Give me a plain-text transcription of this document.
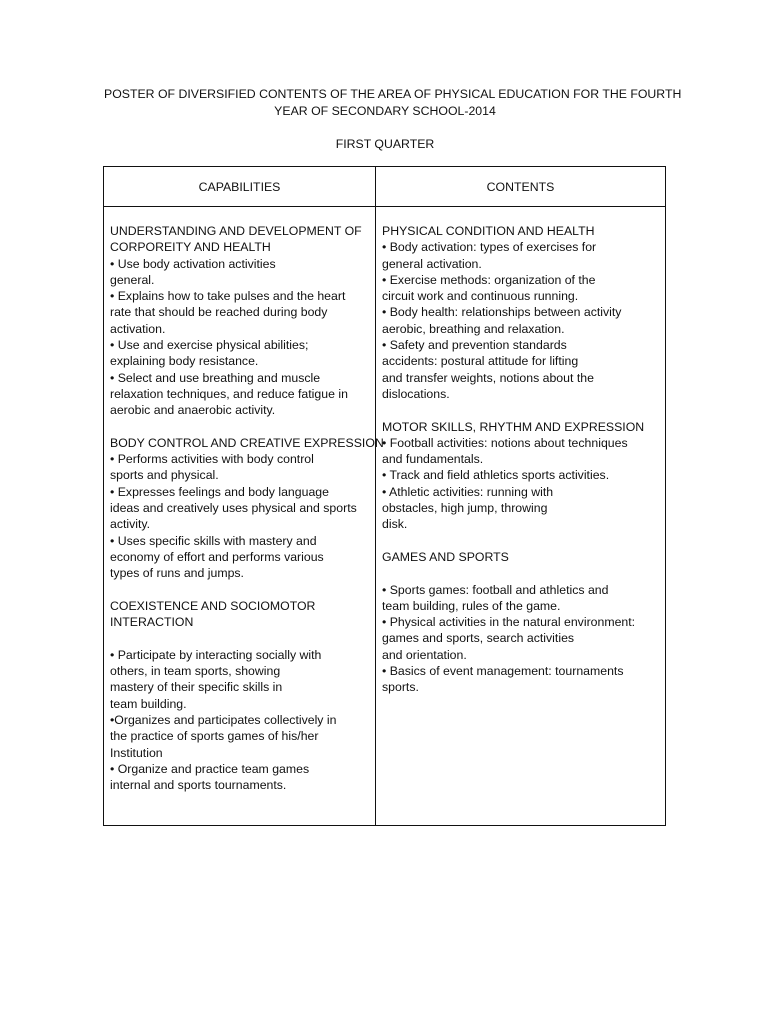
POSTER OF DIVERSIFIED CONTENTS OF THE AREA OF PHYSICAL EDUCATION FOR THE FOURTH
YEAR OF SECONDARY SCHOOL-2014
FIRST QUARTER
CAPABILITIES	CONTENTS
UNDERSTANDING AND DEVELOPMENT OF
CORPOREITY AND HEALTH
• Use body activation activities
general.
• Explains how to take pulses and the heart
rate that should be reached during body
activation.
• Use and exercise physical abilities;
explaining body resistance.
• Select and use breathing and muscle
relaxation techniques, and reduce fatigue in
aerobic and anaerobic activity.
BODY CONTROL AND CREATIVE EXPRESSION
• Performs activities with body control
sports and physical.
• Expresses feelings and body language
ideas and creatively uses physical and sports
activity.
• Uses specific skills with mastery and
economy of effort and performs various
types of runs and jumps.
COEXISTENCE AND SOCIOMOTOR
INTERACTION
• Participate by interacting socially with
others, in team sports, showing
mastery of their specific skills in
team building.
•Organizes and participates collectively in
the practice of sports games of his/her
Institution
• Organize and practice team games
internal and sports tournaments.
PHYSICAL CONDITION AND HEALTH
• Body activation: types of exercises for
general activation.
• Exercise methods: organization of the
circuit work and continuous running.
• Body health: relationships between activity
aerobic, breathing and relaxation.
• Safety and prevention standards
accidents: postural attitude for lifting
and transfer weights, notions about the
dislocations.
MOTOR SKILLS, RHYTHM AND EXPRESSION
• Football activities: notions about techniques
and fundamentals.
• Track and field athletics sports activities.
• Athletic activities: running with
obstacles, high jump, throwing
disk.
GAMES AND SPORTS
• Sports games: football and athletics and
team building, rules of the game.
• Physical activities in the natural environment:
games and sports, search activities
and orientation.
• Basics of event management: tournaments
sports.
